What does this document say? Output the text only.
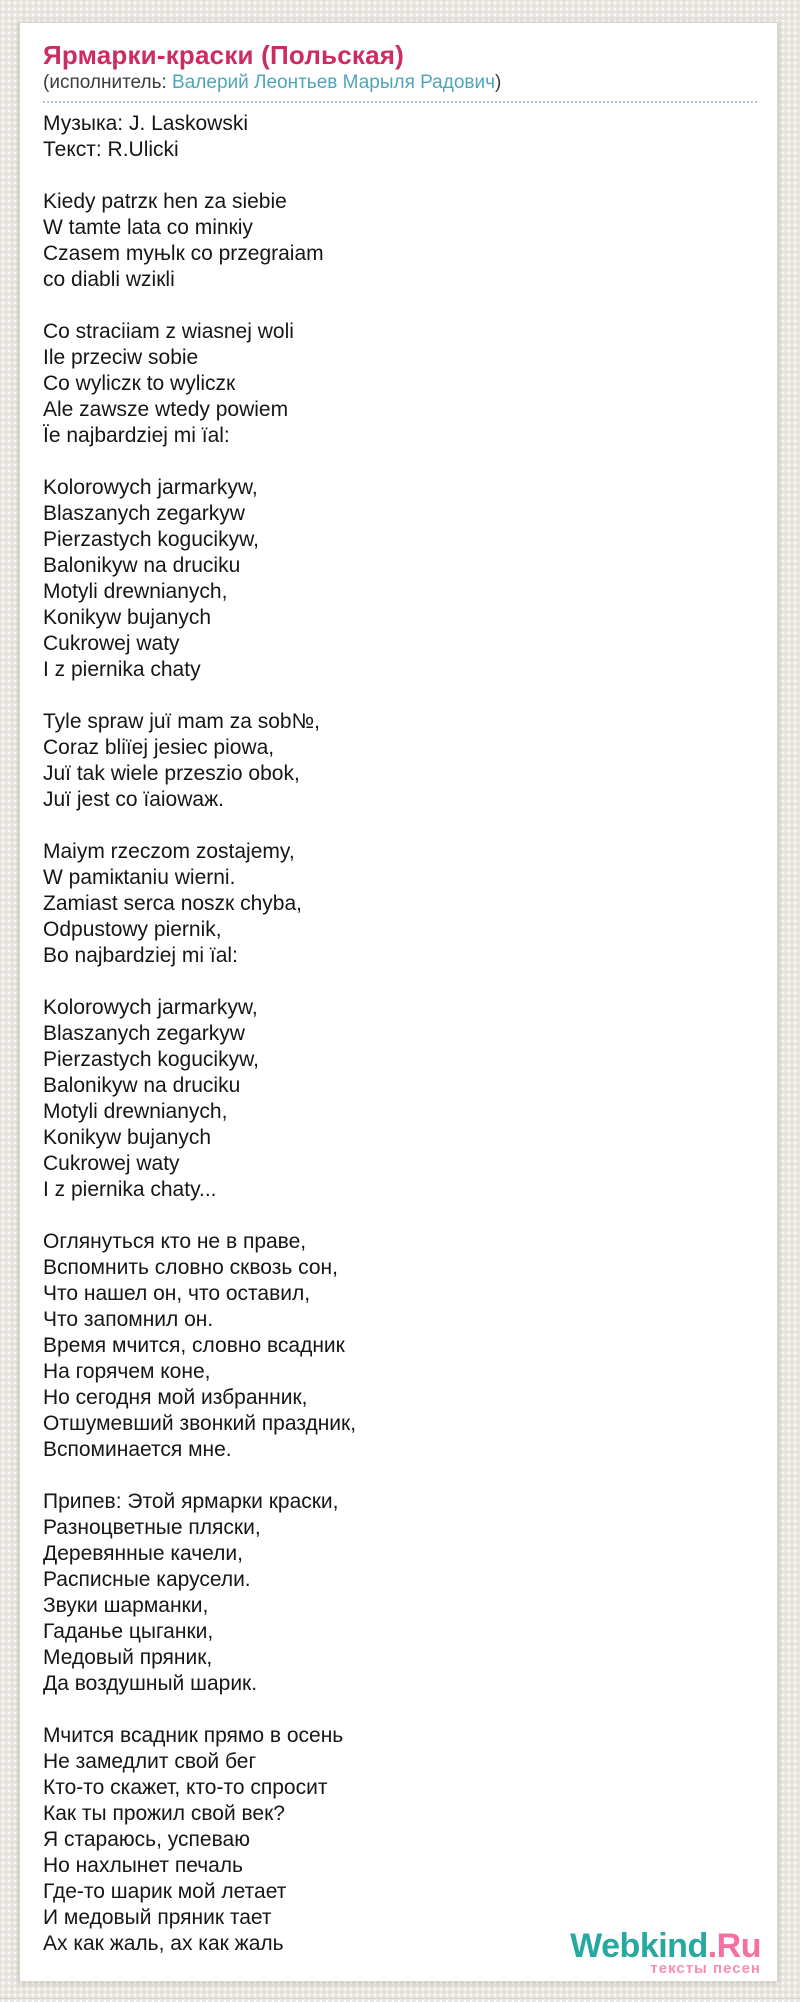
Ярмарки-краски (Польская)
(исполнитель: Валерий Леонтьев Марыля Радович)
Музыка: J. Laskowski
Текст: R.Ulicki

Kiedy patrzк hen za siebie
W tamte lata co minкiy
Czasem myњlк co przegraiam
co diabli wziкli

Co straciiam z wiasnej woli
Ile przeciw sobie
Co wyliczк to wyliczк
Ale zawsze wtedy powiem
Їe najbardziej mi їal:

Kolorowych jarmarkyw,
Blaszanych zegarkyw
Pierzastych kogucikyw,
Balonikyw na druciku
Motyli drewnianych,
Konikyw bujanych
Cukrowej waty
I z piernika chaty

Tyle spraw juї mam za sob№,
Coraz bliїej jesiec piowa,
Juї tak wiele przeszio obok,
Juї jest co їaiowaж.

Maiym rzeczom zostajemy,
W pamiкtaniu wierni.
Zamiast serca noszк chyba,
Odpustowy piernik,
Bo najbardziej mi їal:

Kolorowych jarmarkyw,
Blaszanych zegarkyw
Pierzastych kogucikyw,
Balonikyw na druciku
Motyli drewnianych,
Konikyw bujanych
Cukrowej waty
I z piernika chaty...

Оглянуться кто не в праве,
Вспомнить словно сквозь сон,
Что нашел он, что оставил,
Что запомнил он.
Время мчится, словно всадник
На горячем коне,
Но сегодня мой избранник,
Отшумевший звонкий праздник,
Вспоминается мне.

Припев: Этой ярмарки краски,
Разноцветные пляски,
Деревянные качели,
Расписные карусели.
Звуки шарманки,
Гаданье цыганки,
Медовый пряник,
Да воздушный шарик.

Мчится всадник прямо в осень
Не замедлит свой бег
Кто-то скажет, кто-то спросит
Как ты прожил свой век?
Я стараюсь, успеваю
Но нахлынет печаль
Где-то шарик мой летает
И медовый пряник тает
Ах как жаль, ах как жаль	Webkind.Ru
тексты песен
